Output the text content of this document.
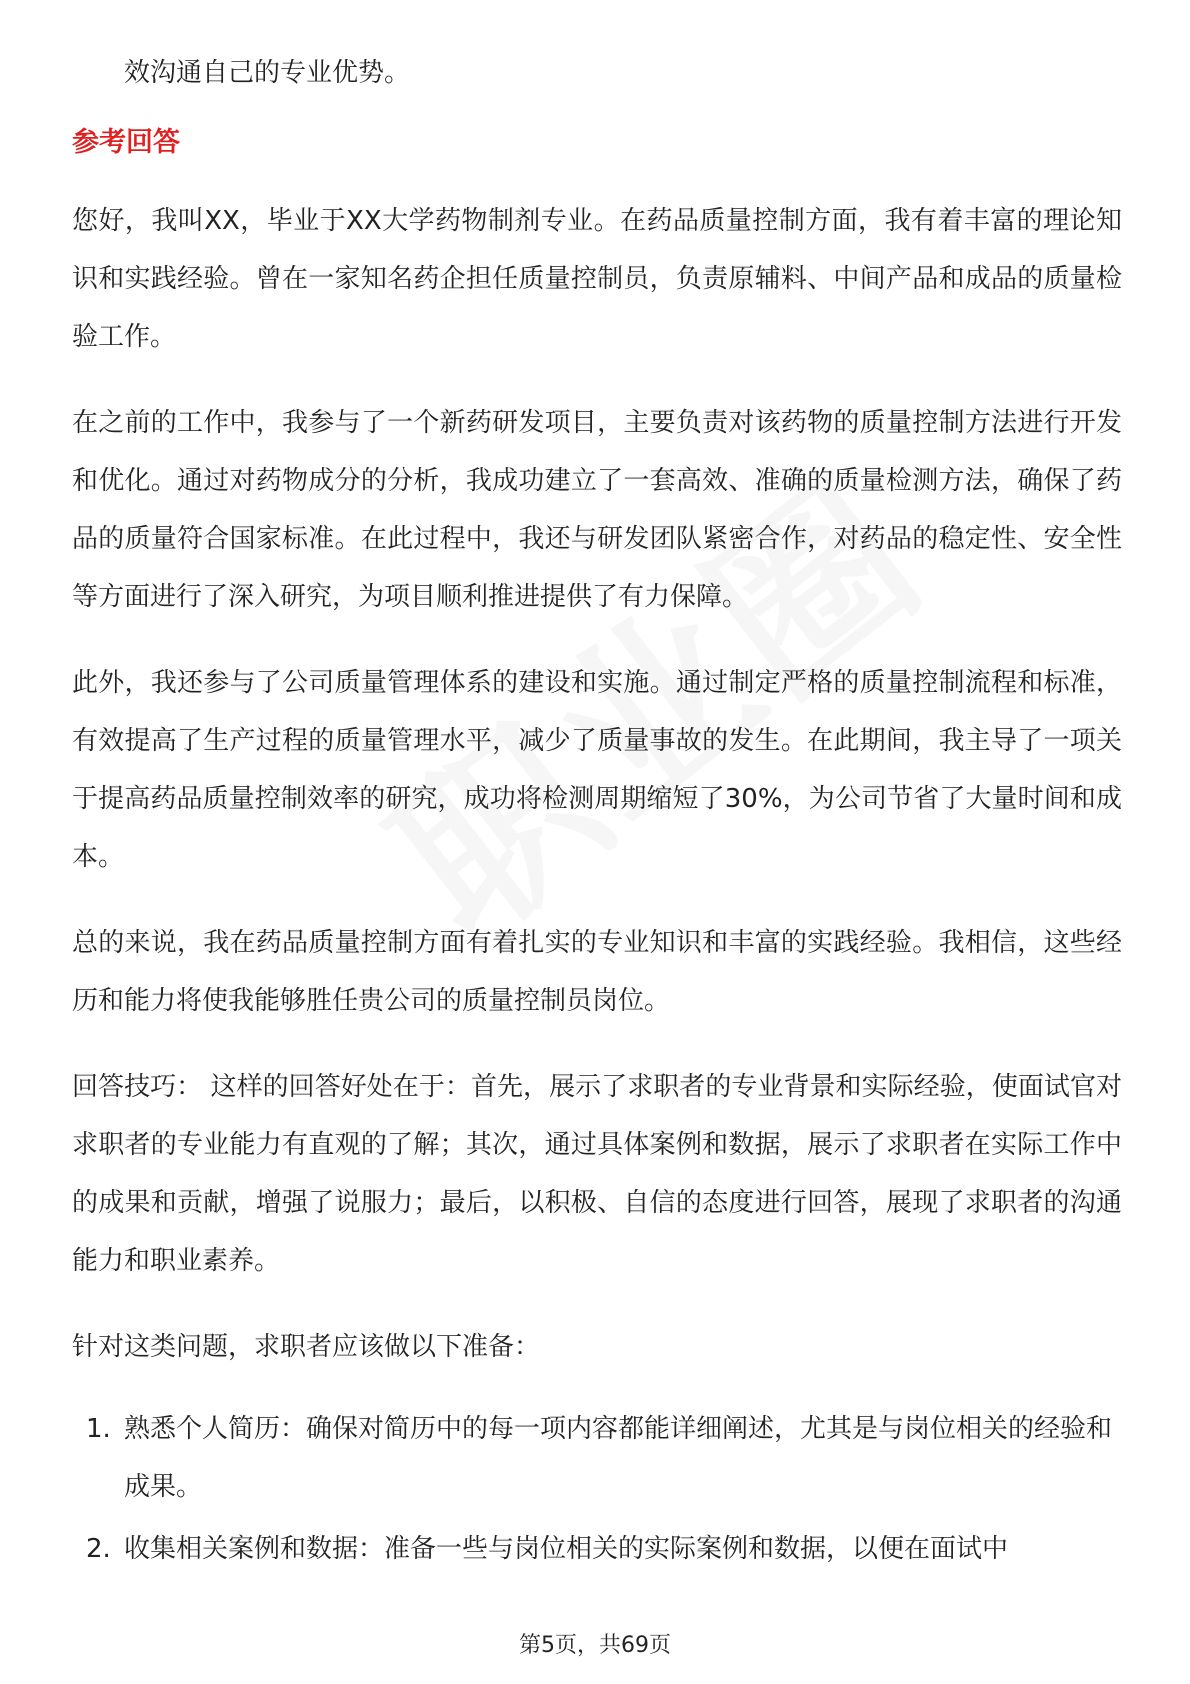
效沟通自己的专业优势。
参考回答

您好，我叫XX，毕业于XX大学药物制剂专业。在药品质量控制方面，我有着丰富的理论知识和实践经验。曾在一家知名药企担任质量控制员，负责原辅料、中间产品和成品的质量检验工作。

在之前的工作中，我参与了一个新药研发项目，主要负责对该药物的质量控制方法进行开发和优化。通过对药物成分的分析，我成功建立了一套高效、准确的质量检测方法，确保了药品的质量符合国家标准。在此过程中，我还与研发团队紧密合作，对药品的稳定性、安全性等方面进行了深入研究，为项目顺利推进提供了有力保障。

此外，我还参与了公司质量管理体系的建设和实施。通过制定严格的质量控制流程和标准，有效提高了生产过程的质量管理水平，减少了质量事故的发生。在此期间，我主导了一项关于提高药品质量控制效率的研究，成功将检测周期缩短了30%，为公司节省了大量时间和成本。

总的来说，我在药品质量控制方面有着扎实的专业知识和丰富的实践经验。我相信，这些经历和能力将使我能够胜任贵公司的质量控制员岗位。

回答技巧： 这样的回答好处在于：首先，展示了求职者的专业背景和实际经验，使面试官对求职者的专业能力有直观的了解；其次，通过具体案例和数据，展示了求职者在实际工作中的成果和贡献，增强了说服力；最后，以积极、自信的态度进行回答，展现了求职者的沟通能力和职业素养。

针对这类问题，求职者应该做以下准备：

1. 熟悉个人简历：确保对简历中的每一项内容都能详细阐述，尤其是与岗位相关的经验和成果。
2. 收集相关案例和数据：准备一些与岗位相关的实际案例和数据，以便在面试中
第5页，共69页
